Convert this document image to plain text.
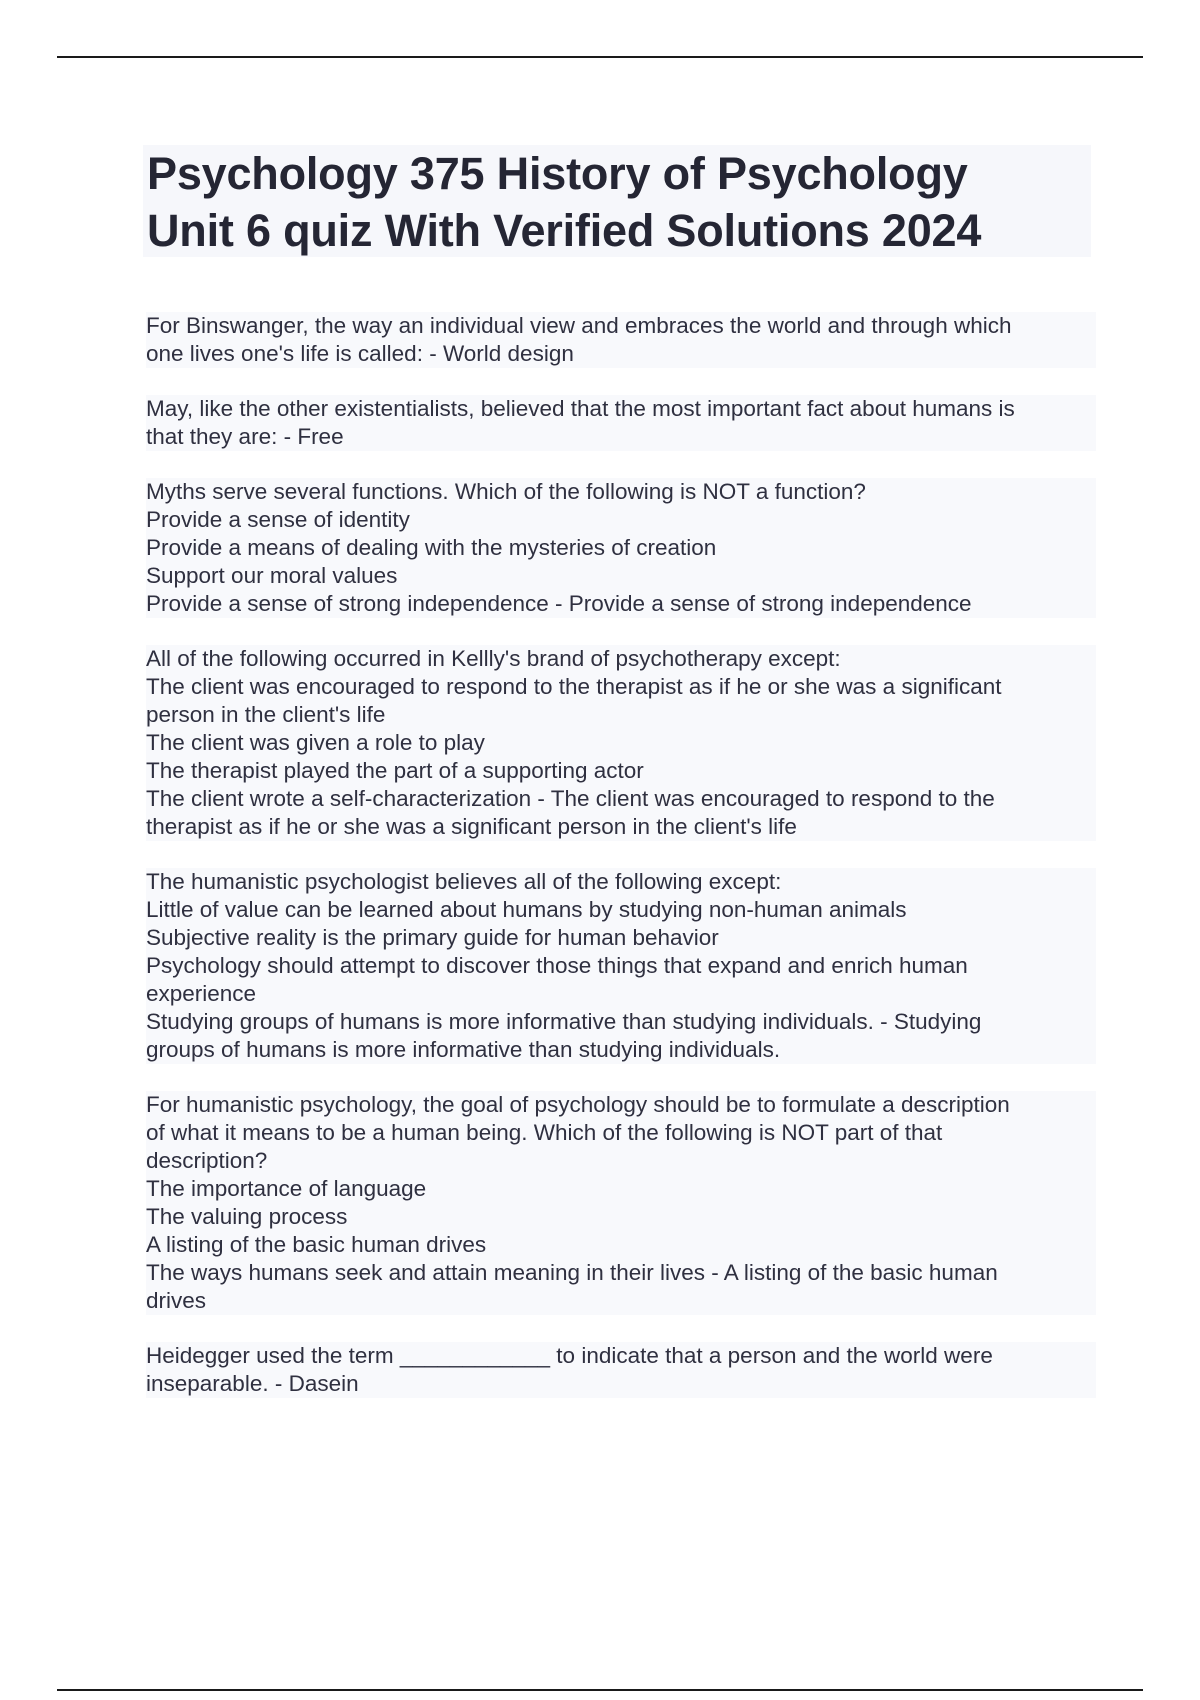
Psychology 375 History of Psychology
Unit 6 quiz With Verified Solutions 2024
For Binswanger, the way an individual view and embraces the world and through which
one lives one's life is called: - World design
May, like the other existentialists, believed that the most important fact about humans is
that they are: - Free
Myths serve several functions. Which of the following is NOT a function?
Provide a sense of identity
Provide a means of dealing with the mysteries of creation
Support our moral values
Provide a sense of strong independence - Provide a sense of strong independence
All of the following occurred in Kellly's brand of psychotherapy except:
The client was encouraged to respond to the therapist as if he or she was a significant
person in the client's life
The client was given a role to play
The therapist played the part of a supporting actor
The client wrote a self-characterization - The client was encouraged to respond to the
therapist as if he or she was a significant person in the client's life
The humanistic psychologist believes all of the following except:
Little of value can be learned about humans by studying non-human animals
Subjective reality is the primary guide for human behavior
Psychology should attempt to discover those things that expand and enrich human
experience
Studying groups of humans is more informative than studying individuals. - Studying
groups of humans is more informative than studying individuals.
For humanistic psychology, the goal of psychology should be to formulate a description
of what it means to be a human being. Which of the following is NOT part of that
description?
The importance of language
The valuing process
A listing of the basic human drives
The ways humans seek and attain meaning in their lives - A listing of the basic human
drives
Heidegger used the term ____________ to indicate that a person and the world were
inseparable. - Dasein
